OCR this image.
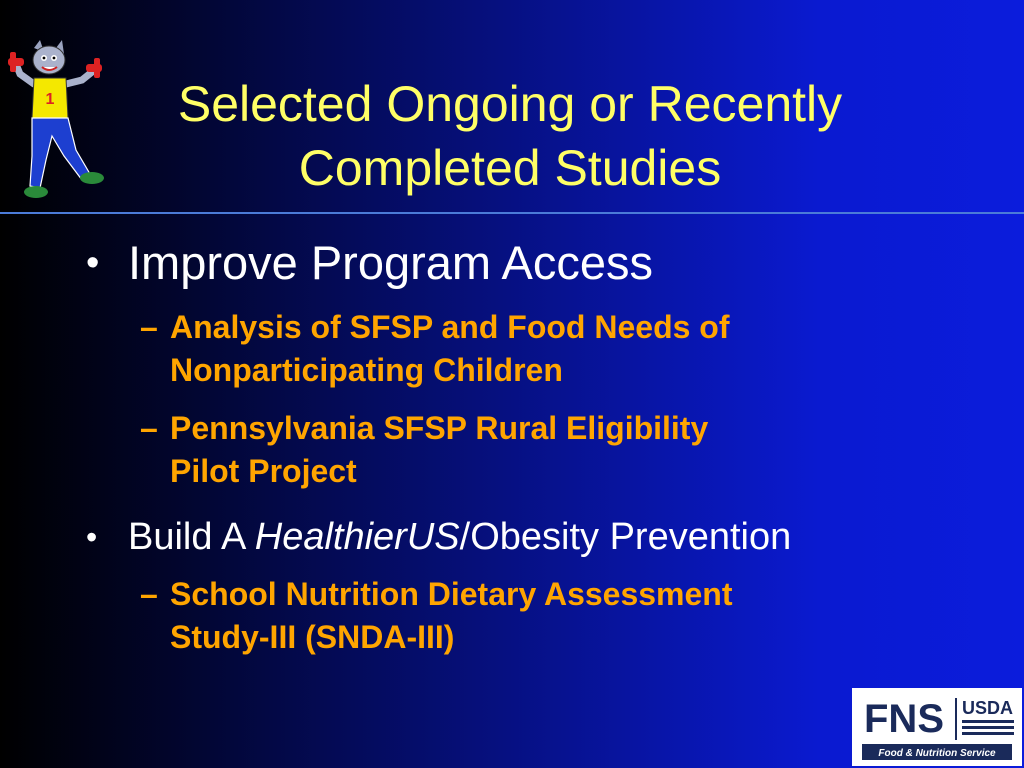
1	Selected Ongoing or Recently
Completed Studies
• Improve Program Access
– Analysis of SFSP and Food Needs of
Nonparticipating Children
– Pennsylvania SFSP Rural Eligibility
Pilot Project
• Build A HealthierUS/Obesity Prevention
– School Nutrition Dietary Assessment
Study-III (SNDA-III)
FNS USDA
Food & Nutrition Service
